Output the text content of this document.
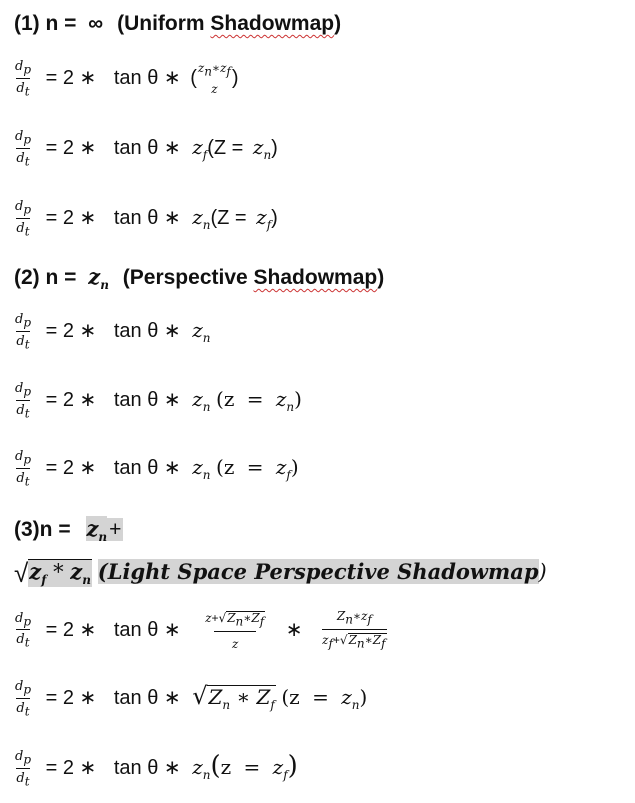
(1) n = ∞ (Uniform Shadowmap)
$\frac{d_p}{d_t} = 2$ ∗ tan θ ∗ ( $z_n∗z_f$
z )
$\frac{d_p}{d_t} = 2$ ∗ tan θ ∗ $z_f(Z = z_n)$
$\frac{d_p}{d_t} = 2$ ∗ tan θ ∗ $z_n(Z = z_f)$
(2) $n = z_n$ (Perspective Shadowmap)
$\frac{d_p}{d_t} = 2$ ∗ tan θ ∗ $z_n$
$\frac{d_p}{d_t} = 2$ ∗ tan θ ∗ $z_n$ $(z = z_n)$
$\frac{d_p}{d_t} = 2$ ∗ tan θ ∗ $z_n$ $(z = z_f)$
$(3)n = z_n+$
$√z_f * z_n$ (Light Space Perspective Shadowmap)
$\frac{d_p}{d_t} = 2$ ∗ tan θ ∗ $\frac{z+√Z_n∗Z_f}{z}$ ∗ $\frac{Z_n∗z_f}{z_f+√Z_n∗Z_f}$
$\frac{d_p}{d_t} = 2$ ∗ tan θ ∗ $√Z_n$ ∗ $Z_f$ $(z = z_n)$
$\frac{d_p}{d_t} = 2$ ∗ tan θ ∗ $z_n(z = z_f)$
